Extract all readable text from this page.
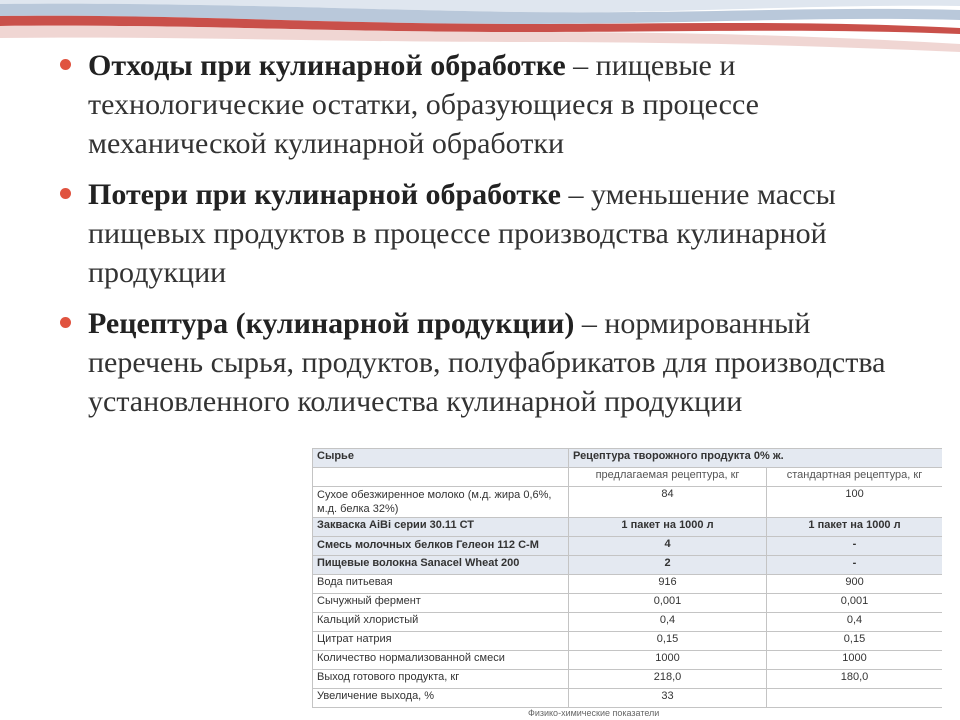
Отходы при кулинарной обработке – пищевые и технологические остатки, образующиеся в процессе механической кулинарной обработки
Потери при кулинарной обработке – уменьшение массы пищевых продуктов в процессе производства кулинарной продукции
Рецептура (кулинарной продукции) – нормированный перечень сырья, продуктов, полуфабрикатов для производства установленного количества кулинарной продукции
Сырье	Рецептура творожного продукта 0% ж.	
	предлагаемая рецептура, кг	стандартная рецептура, кг
Сухое обезжиренное молоко (м.д. жира 0,6%, м.д. белка 32%)	84	100
Закваска AiBi серии 30.11 СТ	1 пакет на 1000 л	1 пакет на 1000 л
Смесь молочных белков Гелеон 112 С-М	4	-
Пищевые волокна Sanacel Wheat 200	2	-
Вода питьевая	916	900
Сычужный фермент	0,001	0,001
Кальций хлористый	0,4	0,4
Цитрат натрия	0,15	0,15
Количество нормализованной смеси	1000	1000
Выход готового продукта, кг	218,0	180,0
Увеличение выхода, %	33	
Физико-химические показатели
